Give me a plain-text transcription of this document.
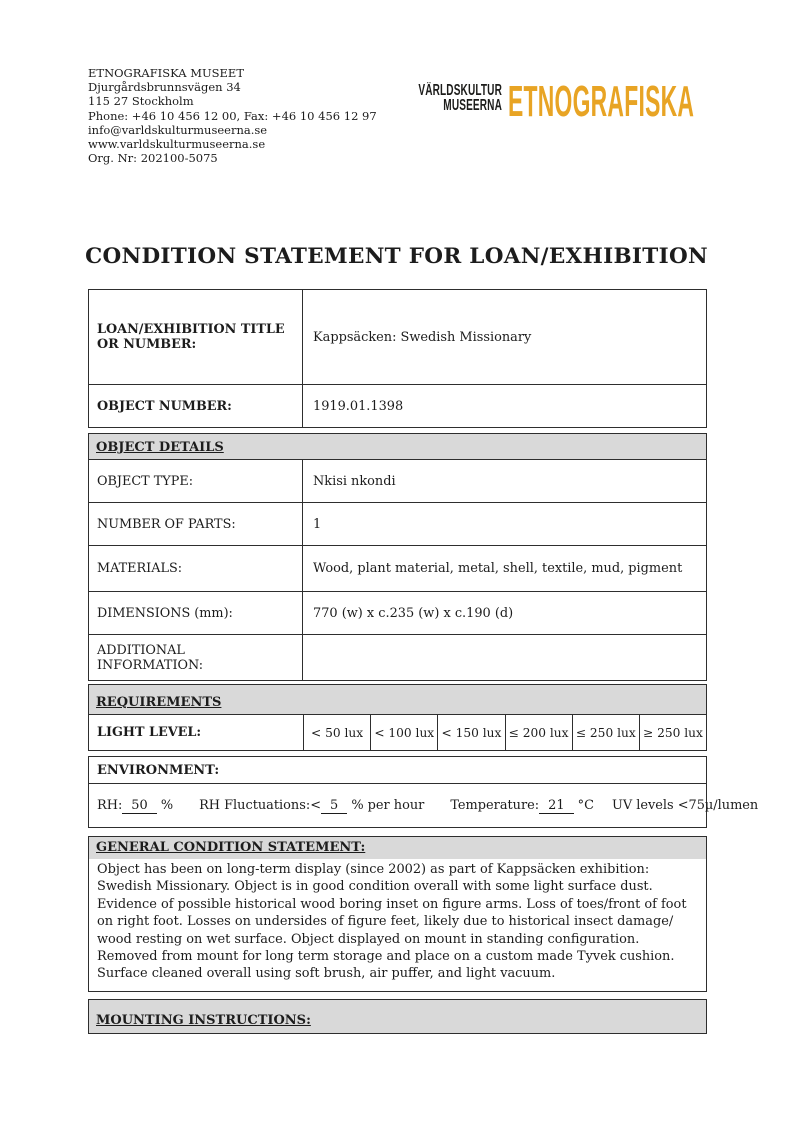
ETNOGRAFISKA MUSEET
Djurgårdsbrunnsvägen 34
115 27 Stockholm
Phone: +46 10 456 12 00, Fax: +46 10 456 12 97
info@varldskulturmuseerna.se
www.varldskulturmuseerna.se
Org. Nr: 202100-5075
VÄRLDSKULTUR
MUSEERNA ETNOGRAFISKA
CONDITION STATEMENT FOR LOAN/EXHIBITION
LOAN/EXHIBITION TITLE OR NUMBER:	Kappsäcken: Swedish Missionary
OBJECT NUMBER:	1919.01.1398
OBJECT DETAILS
OBJECT TYPE:	Nkisi nkondi
NUMBER OF PARTS:	1
MATERIALS:	Wood, plant material, metal, shell, textile, mud, pigment
DIMENSIONS (mm):	770 (w) x c.235 (w) x c.190 (d)
ADDITIONAL INFORMATION:
REQUIREMENTS
LIGHT LEVEL:	< 50 lux < 100 lux < 150 lux ≤ 200 lux ≤ 250 lux ≥ 250 lux
ENVIRONMENT:
RH: 50 % RH Fluctuations:< 5 % per hour Temperature: 21 °C UV levels <75µ/lumen
GENERAL CONDITION STATEMENT:
Object has been on long-term display (since 2002) as part of Kappsäcken exhibition: Swedish Missionary. Object is in good condition overall with some light surface dust. Evidence of possible historical wood boring inset on figure arms. Loss of toes/front of foot on right foot. Losses on undersides of figure feet, likely due to historical insect damage/ wood resting on wet surface. Object displayed on mount in standing configuration. Removed from mount for long term storage and place on a custom made Tyvek cushion. Surface cleaned overall using soft brush, air puffer, and light vacuum.
MOUNTING INSTRUCTIONS:
